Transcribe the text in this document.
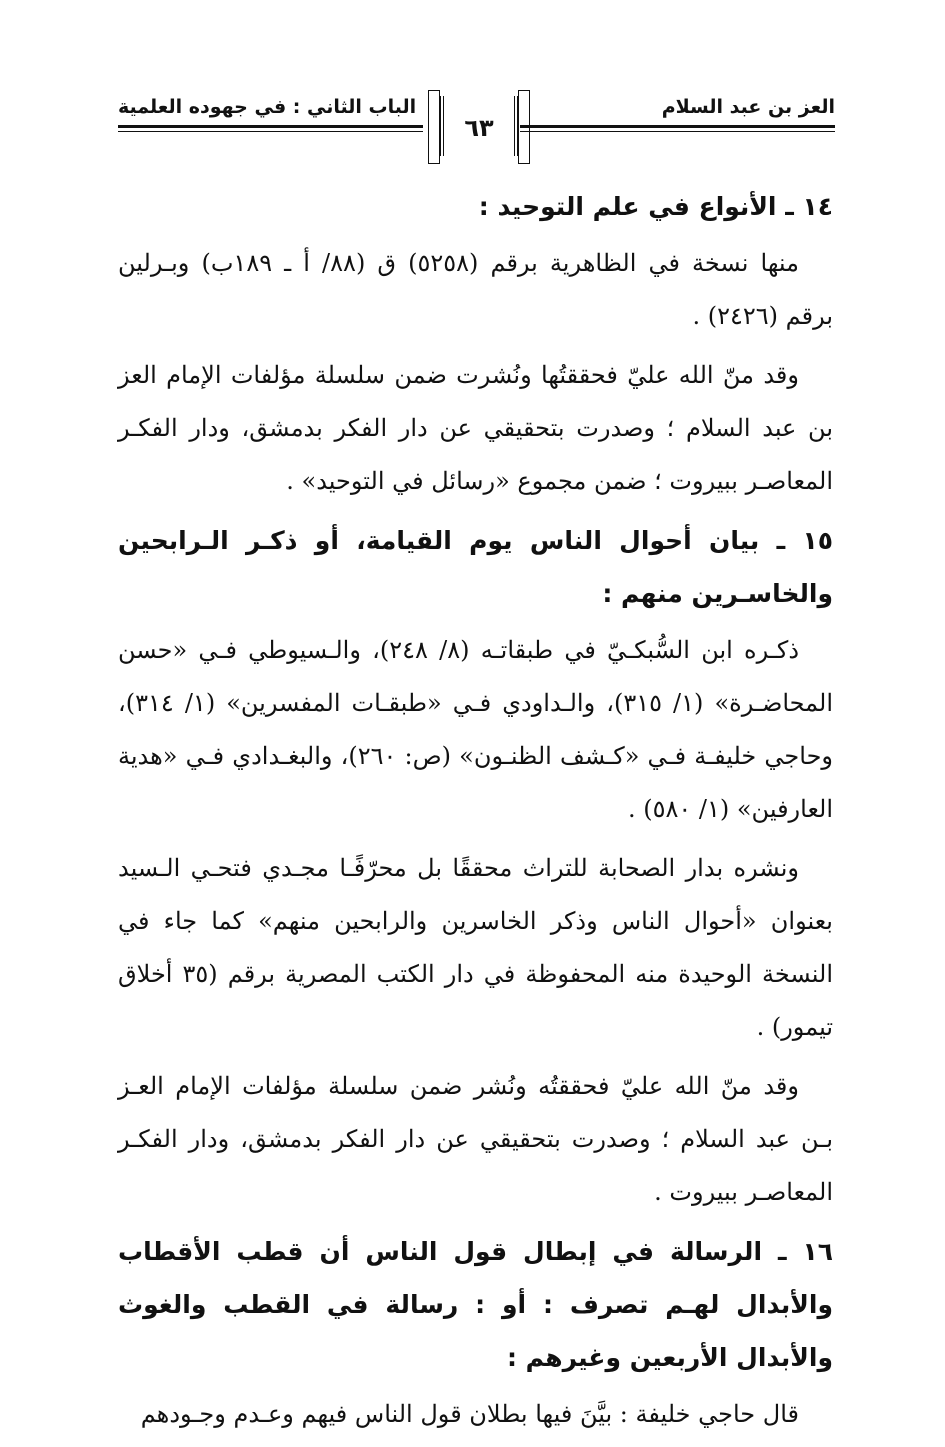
العز بن عبد السلام
٦٣
الباب الثاني : في جهوده العلمية
١٤ ـ الأنواع في علم التوحيد :

منها نسخة في الظاهرية برقم (٥٢٥٨) ق (٨٨/ أ ـ ١٨٩ب) وبـرلين برقم (٢٤٢٦) .

وقد منّ الله عليّ فحققتُها ونُشرت ضمن سلسلة مؤلفات الإمام العز بن عبد السلام ؛ وصدرت بتحقيقي عن دار الفكر بدمشق، ودار الفكـر المعاصـر ببيروت ؛ ضمن مجموع «رسائل في التوحيد» .

١٥ ـ بيان أحوال الناس يوم القيامة، أو ذكـر الـرابحين والخاسـرين منهم :

ذكـره ابن السُّبكـيّ في طبقاتـه (٨/ ٢٤٨)، والـسيوطي فـي «حسن المحاضـرة» (١/ ٣١٥)، والـداودي فـي «طبقـات المفسرين» (١/ ٣١٤)، وحاجي خليفـة فـي «كـشف الظنـون» (ص: ٢٦٠)، والبغـدادي فـي «هدية العارفين» (١/ ٥٨٠) .

ونشره بدار الصحابة للتراث محققًا بل محرّفًـا مجـدي فتحـي الـسيد بعنوان «أحوال الناس وذكر الخاسرين والرابحين منهم» كما جاء في النسخة الوحيدة منه المحفوظة في دار الكتب المصرية برقم (٣٥ أخلاق تيمور) .

وقد منّ الله عليّ فحققتُه ونُشر ضمن سلسلة مؤلفات الإمام العـز بـن عبد السلام ؛ وصدرت بتحقيقي عن دار الفكر بدمشق، ودار الفكـر المعاصـر ببيروت .

١٦ ـ الرسالة في إبطال قول الناس أن قطب الأقطاب والأبدال لهـم تصرف : أو : رسالة في القطب والغوث والأبدال الأربعين وغيرهم :

قال حاجي خليفة : بيَّنَ فيها بطلان قول الناس فيهم وعـدم وجـودهم
